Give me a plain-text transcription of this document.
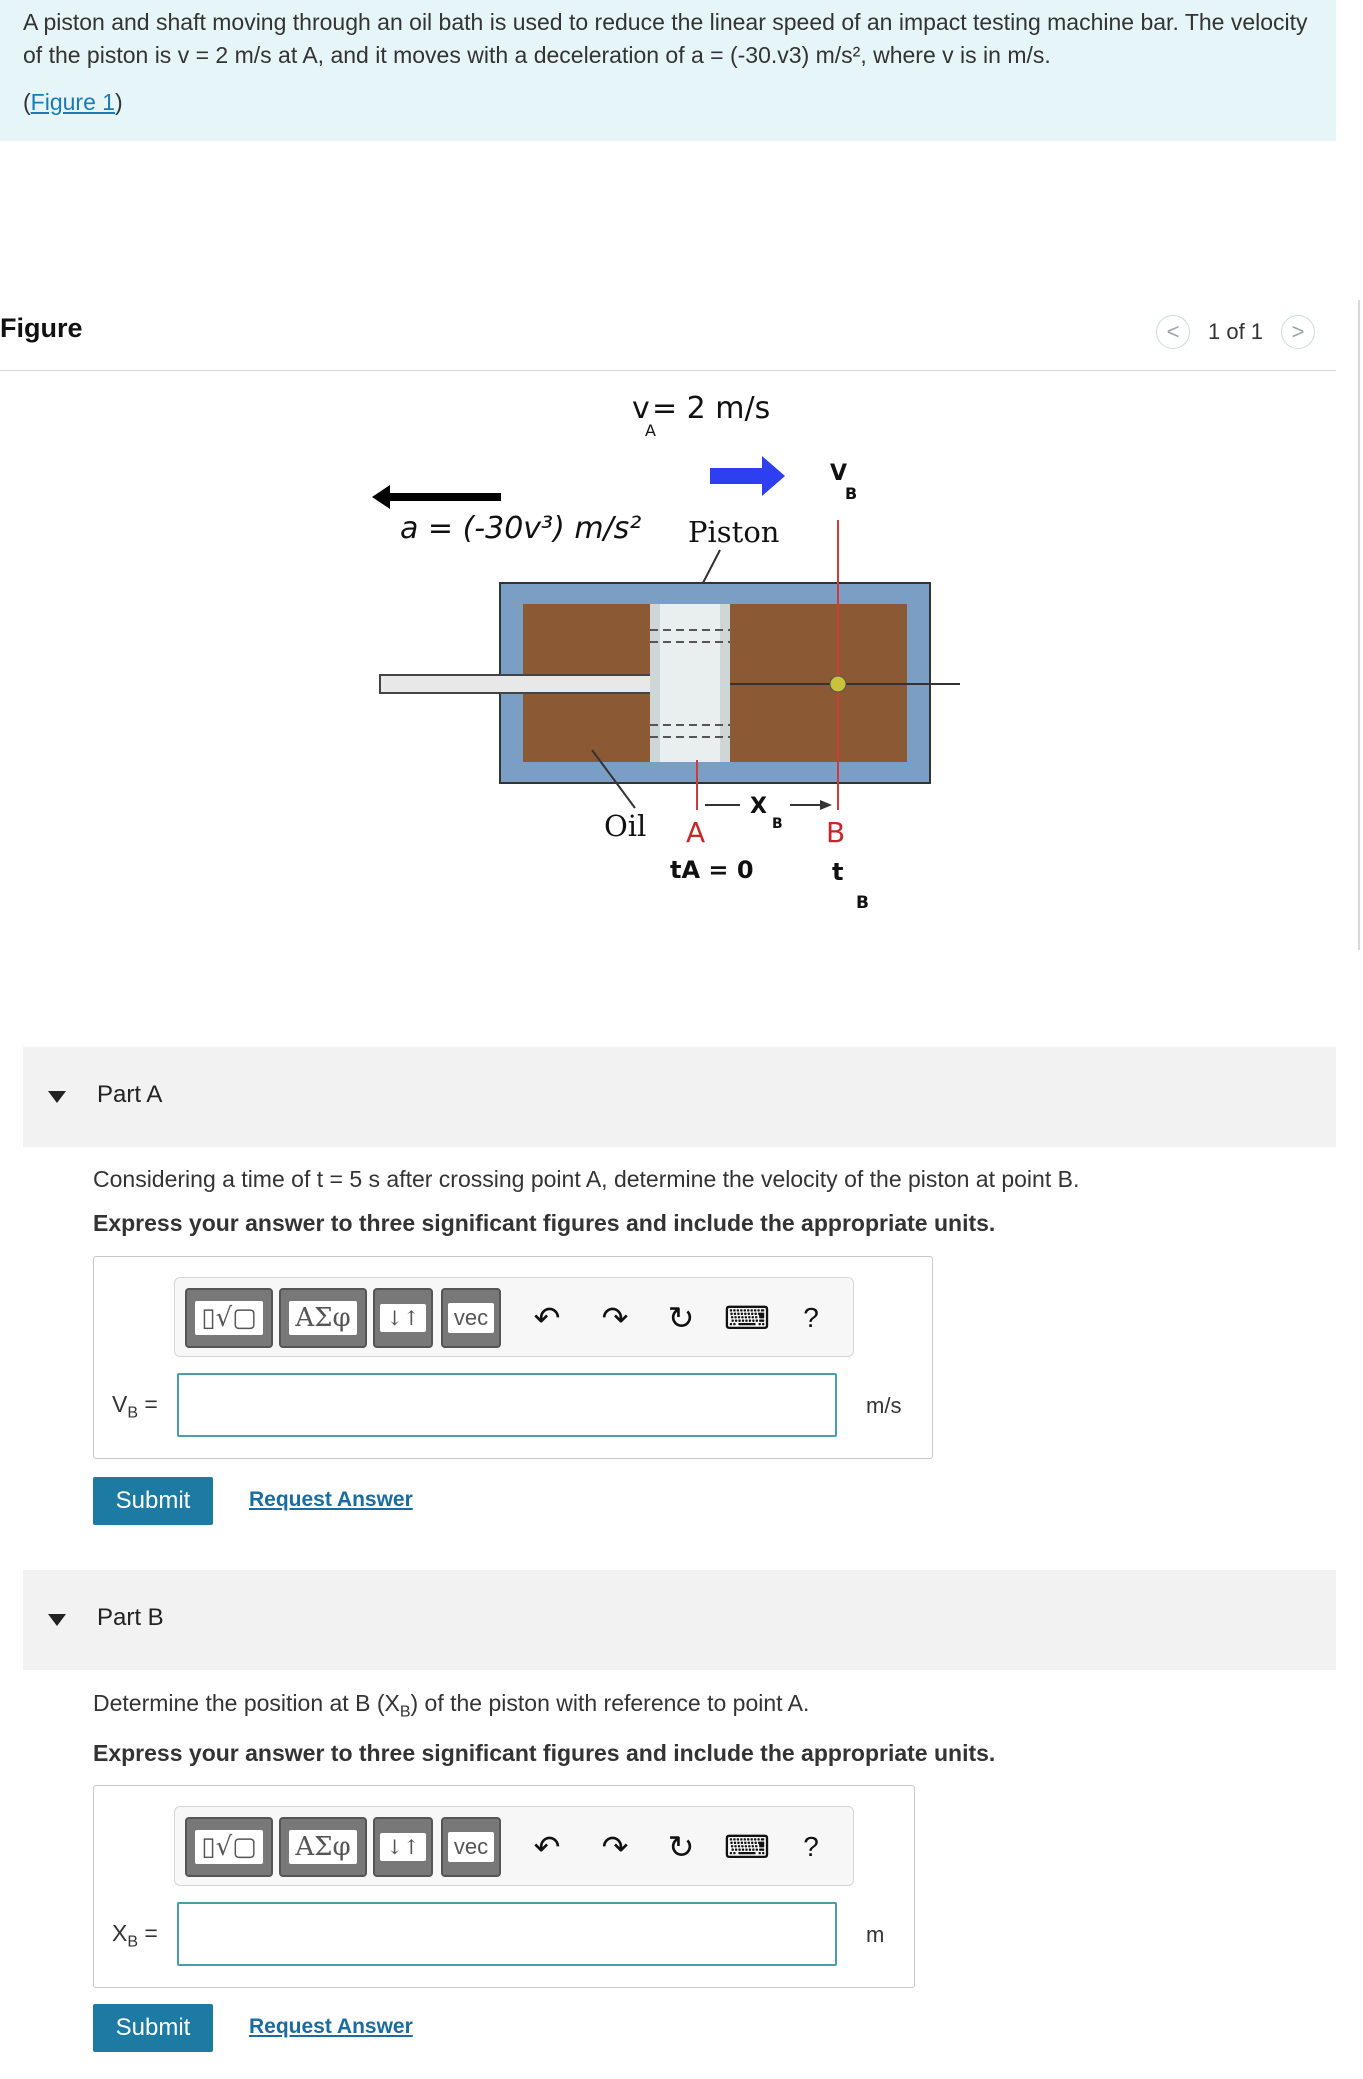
A piston and shaft moving through an oil bath is used to reduce the linear speed of an impact testing machine bar. The velocity of the piston is v = 2 m/s at A, and it moves with a deceleration of a = (-30.v3) m/s², where v is in m/s.

(Figure 1)
Figure	<	1 of 1	>
v
A
= 2 m/s
a = (-30v³) m/s² Piston
V
B
Oil
X
B
A	B
tA = 0	t
B
Part A
Considering a time of t = 5 s after crossing point A, determine the velocity of the piston at point B.
Express your answer to three significant figures and include the appropriate units.
▯√▢ ΑΣφ	↓↑ vec ↶ ↷ ↻ ⌨	?
$V_B$ =	m/s
Submit	Request Answer
Part B
Determine the position at B $(X_B)$ of the piston with reference to point A.
Express your answer to three significant figures and include the appropriate units.
▯√▢ ΑΣφ	↓↑ vec ↶ ↷ ↻ ⌨	?
$X_B$ =	m
Submit	Request Answer
